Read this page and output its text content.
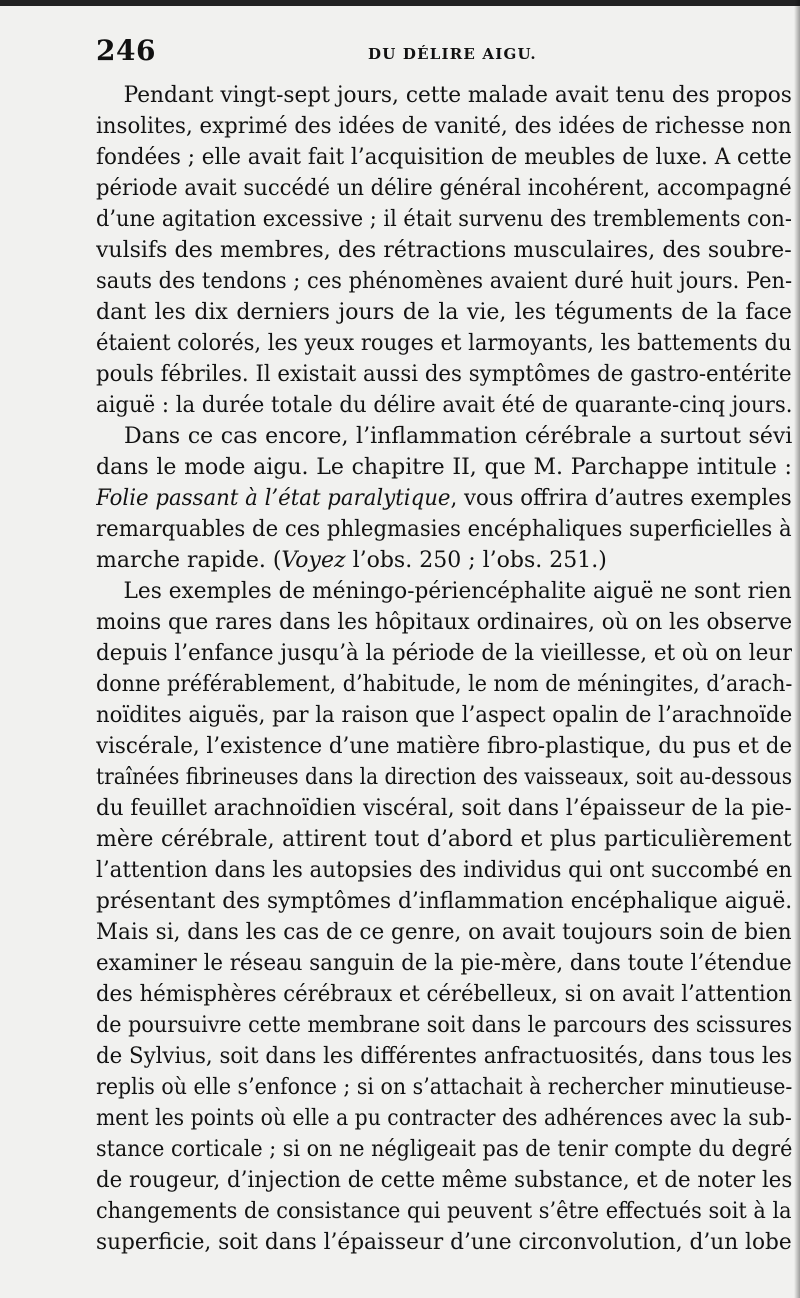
246	DU DÉLIRE AIGU.
Pendant vingt-sept jours, cette malade avait tenu des propos
insolites, exprimé des idées de vanité, des idées de richesse non
fondées ; elle avait fait l’acquisition de meubles de luxe. A cette
période avait succédé un délire général incohérent, accompagné
d’une agitation excessive ; il était survenu des tremblements con-
vulsifs des membres, des rétractions musculaires, des soubre-
sauts des tendons ; ces phénomènes avaient duré huit jours. Pen-
dant les dix derniers jours de la vie, les téguments de la face
étaient colorés, les yeux rouges et larmoyants, les battements du
pouls fébriles. Il existait aussi des symptômes de gastro-entérite
aiguë : la durée totale du délire avait été de quarante-cinq jours.
Dans ce cas encore, l’inflammation cérébrale a surtout sévi
dans le mode aigu. Le chapitre II, que M. Parchappe intitule :
Folie passant à l’état paralytique, vous offrira d’autres exemples
remarquables de ces phlegmasies encéphaliques superficielles à
marche rapide. (Voyez l’obs. 250 ; l’obs. 251.)
Les exemples de méningo-périencéphalite aiguë ne sont rien
moins que rares dans les hôpitaux ordinaires, où on les observe
depuis l’enfance jusqu’à la période de la vieillesse, et où on leur
donne préférablement, d’habitude, le nom de méningites, d’arach-
noïdites aiguës, par la raison que l’aspect opalin de l’arachnoïde
viscérale, l’existence d’une matière fibro-plastique, du pus et de
traînées fibrineuses dans la direction des vaisseaux, soit au-dessous
du feuillet arachnoïdien viscéral, soit dans l’épaisseur de la pie-
mère cérébrale, attirent tout d’abord et plus particulièrement
l’attention dans les autopsies des individus qui ont succombé en
présentant des symptômes d’inflammation encéphalique aiguë.
Mais si, dans les cas de ce genre, on avait toujours soin de bien
examiner le réseau sanguin de la pie-mère, dans toute l’étendue
des hémisphères cérébraux et cérébelleux, si on avait l’attention
de poursuivre cette membrane soit dans le parcours des scissures
de Sylvius, soit dans les différentes anfractuosités, dans tous les
replis où elle s’enfonce ; si on s’attachait à rechercher minutieuse-
ment les points où elle a pu contracter des adhérences avec la sub-
stance corticale ; si on ne négligeait pas de tenir compte du degré
de rougeur, d’injection de cette même substance, et de noter les
changements de consistance qui peuvent s’être effectués soit à la
superficie, soit dans l’épaisseur d’une circonvolution, d’un lobe
